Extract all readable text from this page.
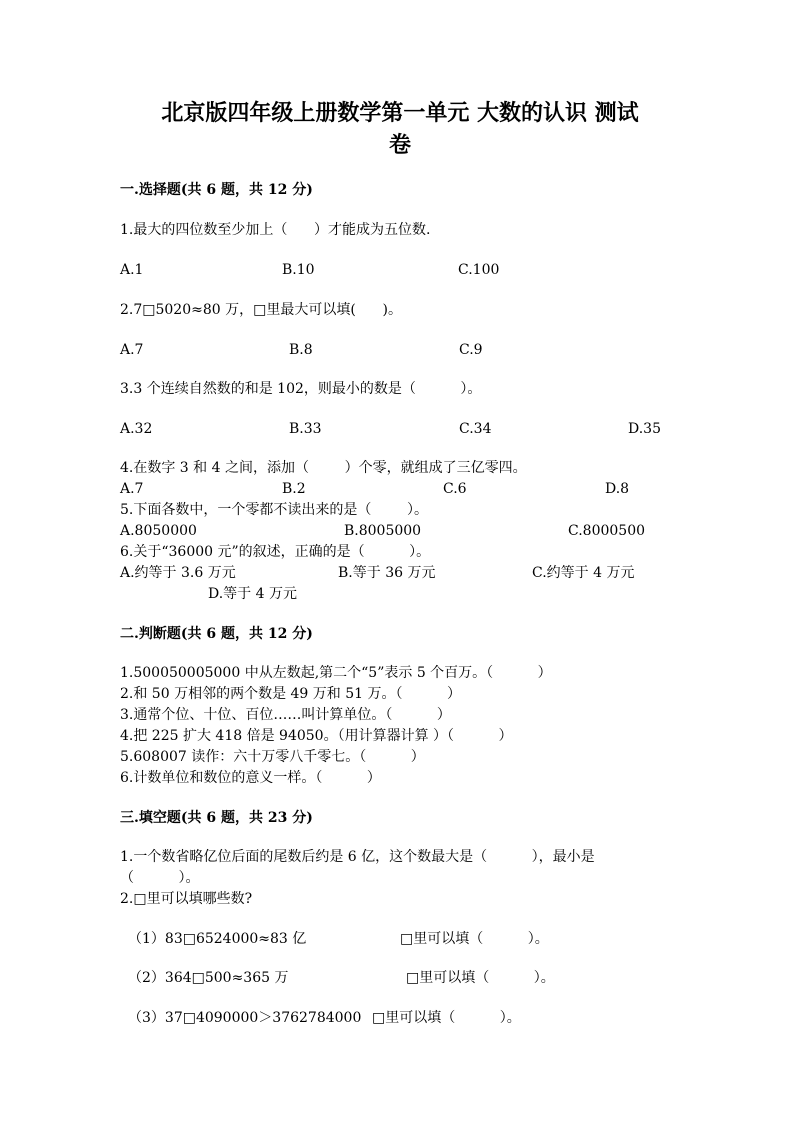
北京版四年级上册数学第一单元 大数的认识 测试
卷
一.选择题(共 6 题，共 12 分)
1.最大的四位数至少加上（      ）才能成为五位数.
A.1	B.10	C.100
2.7□5020≈80 万，□里最大可以填(      )。
A.7	B.8	C.9
3.3 个连续自然数的和是 102，则最小的数是（          ）。
A.32	B.33	C.34	D.35
4.在数字 3 和 4 之间，添加（        ）个零，就组成了三亿零四。
A.7	B.2	C.6	D.8
5.下面各数中，一个零都不读出来的是（        ）。
A.8050000	B.8005000	C.8000500
6.关于“36000 元”的叙述，正确的是（          ）。
A.约等于 3.6 万元	B.等于 36 万元	C.约等于 4 万元
D.等于 4 万元
二.判断题(共 6 题，共 12 分)
1.500050005000 中从左数起,第二个“5”表示 5 个百万。（          ）
2.和 50 万相邻的两个数是 49 万和 51 万。（          ）
3.通常个位、十位、百位……叫计算单位。（          ）
4.把 225 扩大 418 倍是 94050。（用计算器计算 ）（          ）
5.608007 读作：六十万零八千零七。（          ）
6.计数单位和数位的意义一样。（          ）
三.填空题(共 6 题，共 23 分)
1.一个数省略亿位后面的尾数后约是 6 亿，这个数最大是（          ），最小是
（          ）。
2.□里可以填哪些数?
（1）83□6524000≈83 亿	□里可以填（          ）。
（2）364□500≈365 万	□里可以填（          ）。
（3）37□4090000＞3762784000 □里可以填（          ）。
